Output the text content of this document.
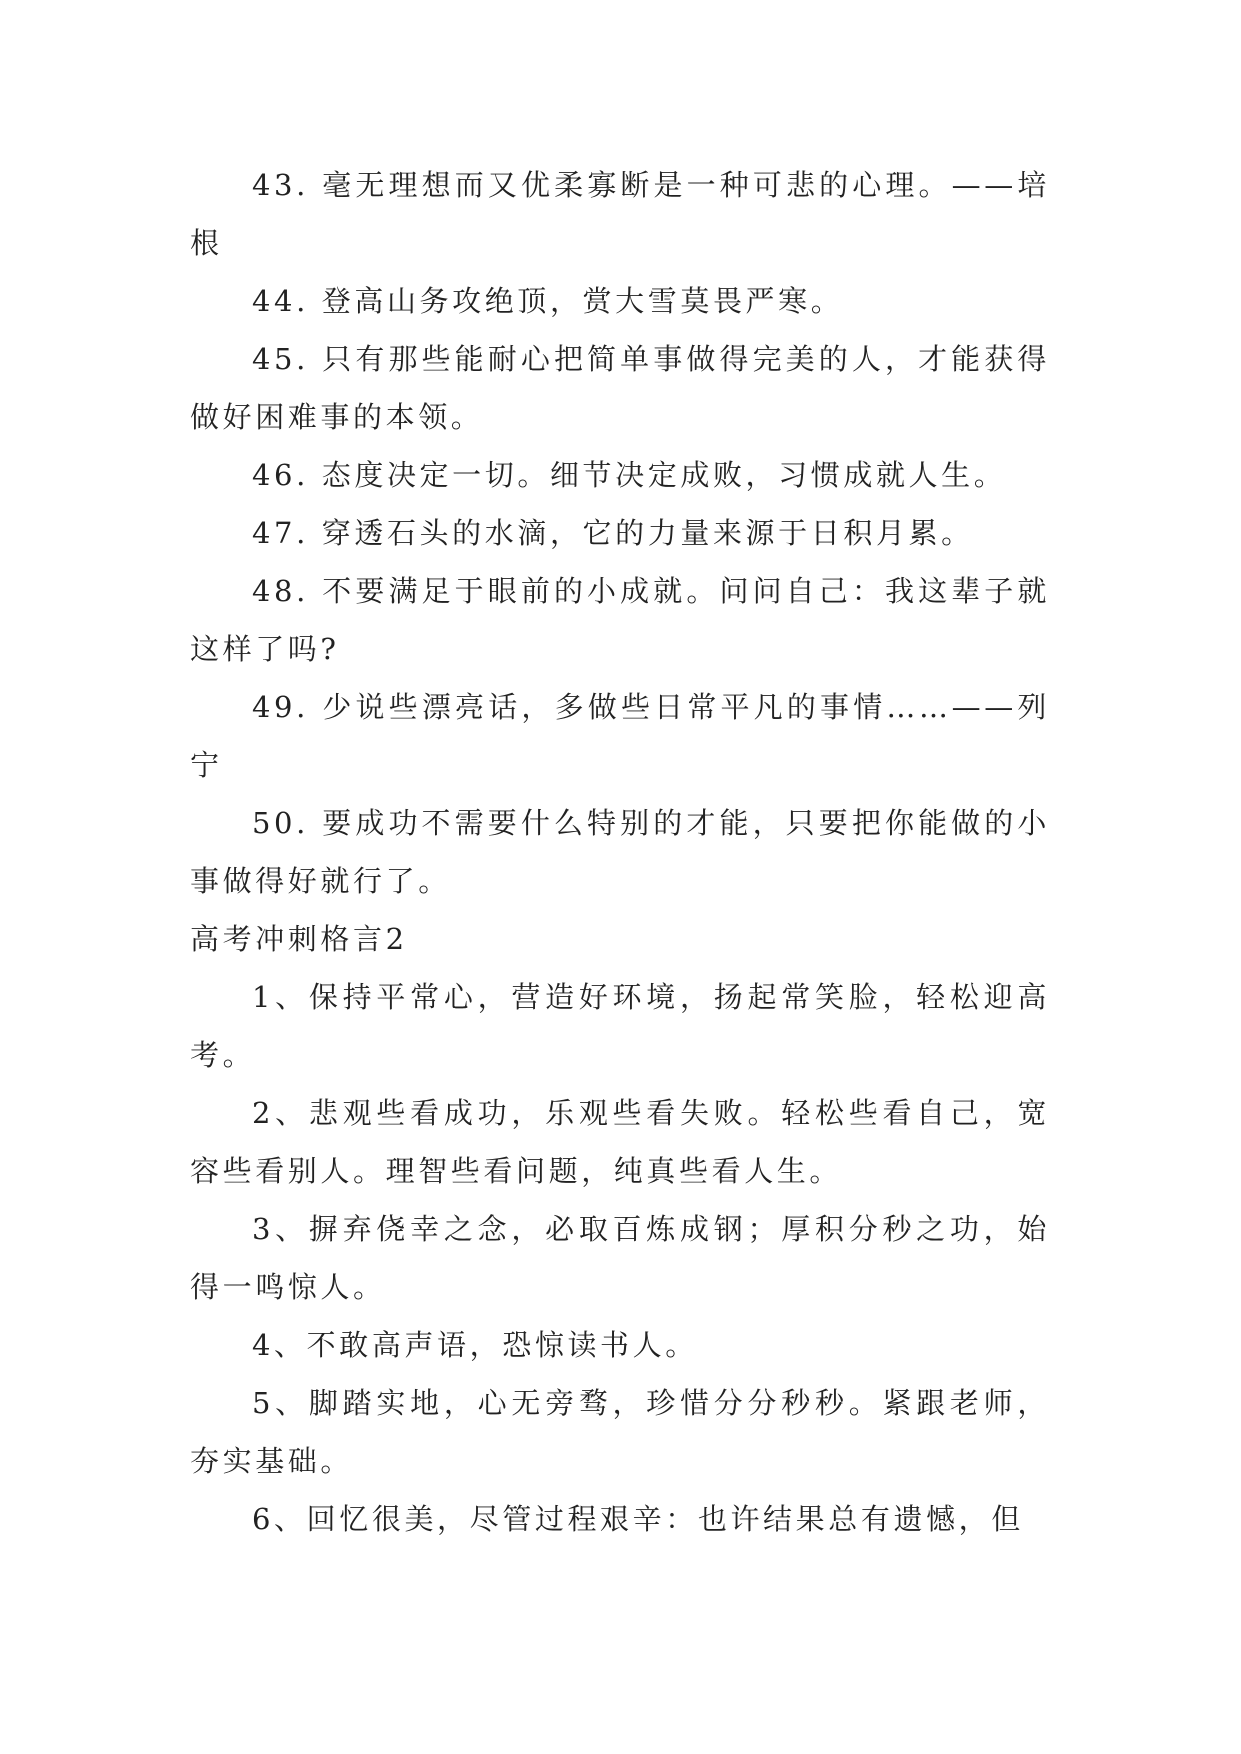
43. 毫无理想而又优柔寡断是一种可悲的心理。——培根

44. 登高山务攻绝顶，赏大雪莫畏严寒。

45. 只有那些能耐心把简单事做得完美的人，才能获得做好困难事的本领。

46. 态度决定一切。细节决定成败，习惯成就人生。

47. 穿透石头的水滴，它的力量来源于日积月累。

48. 不要满足于眼前的小成就。问问自己：我这辈子就这样了吗?

49. 少说些漂亮话，多做些日常平凡的事情……——列宁

50. 要成功不需要什么特别的才能，只要把你能做的小事做得好就行了。

高考冲刺格言2

1、保持平常心，营造好环境，扬起常笑脸，轻松迎高考。

2、悲观些看成功，乐观些看失败。轻松些看自己，宽容些看别人。理智些看问题，纯真些看人生。

3、摒弃侥幸之念，必取百炼成钢；厚积分秒之功，始得一鸣惊人。

4、不敢高声语，恐惊读书人。

5、脚踏实地，心无旁骛，珍惜分分秒秒。紧跟老师，夯实基础。

6、回忆很美，尽管过程艰辛：也许结果总有遗憾，但
